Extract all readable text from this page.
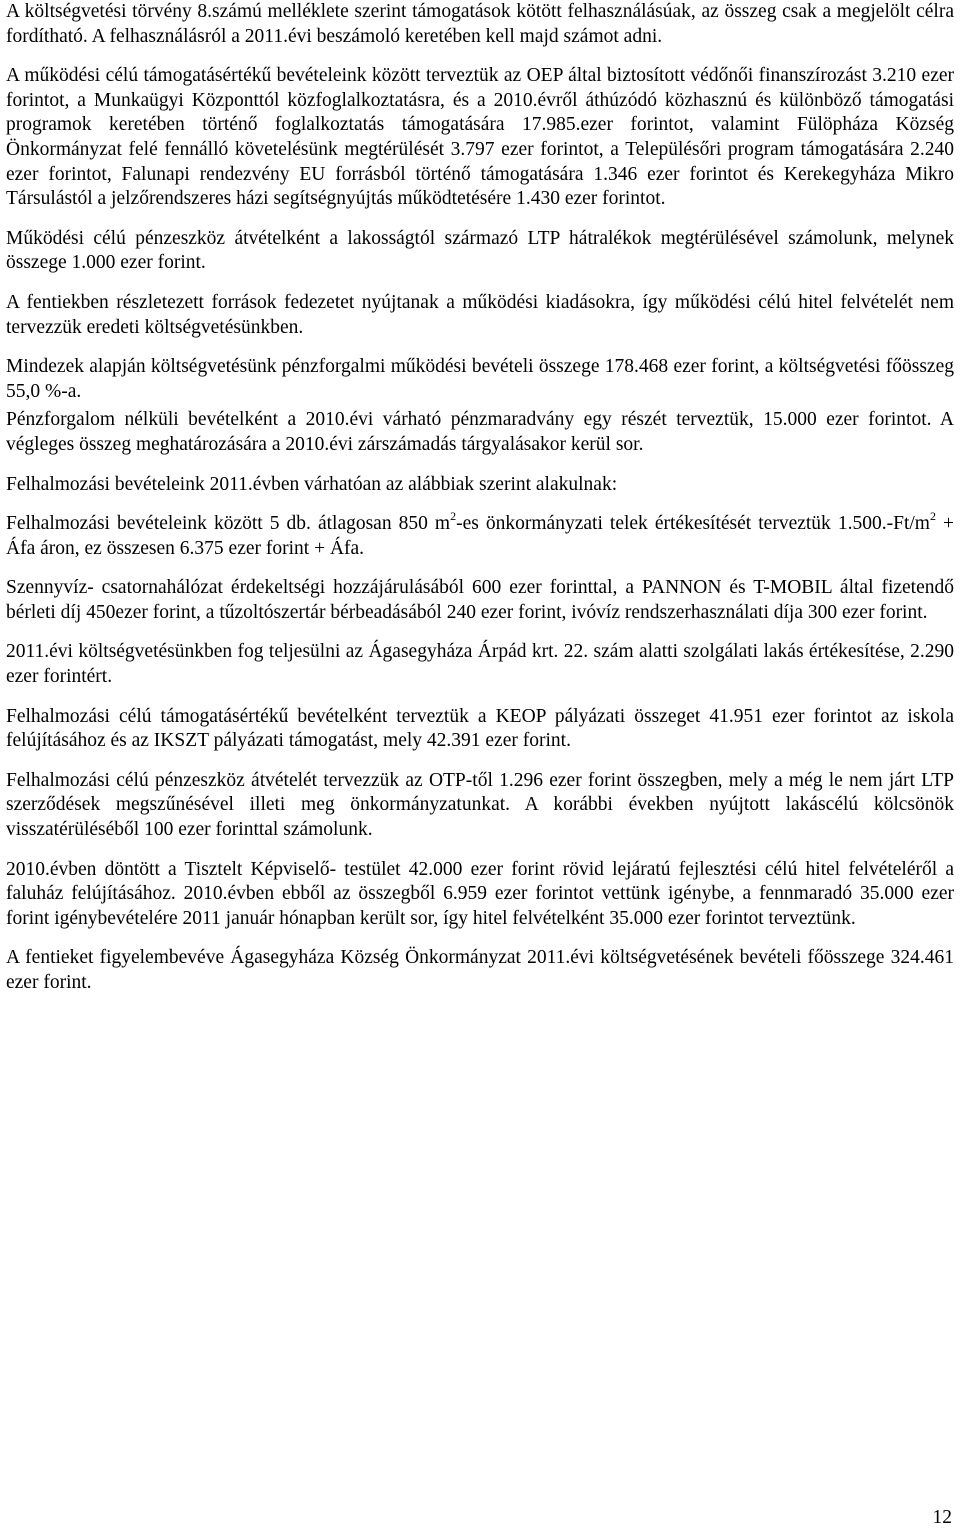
A költségvetési törvény 8.számú melléklete szerint támogatások kötött felhasználásúak, az összeg csak a megjelölt célra fordítható. A felhasználásról a 2011.évi beszámoló keretében kell majd számot adni.

A működési célú támogatásértékű bevételeink között terveztük az OEP által biztosított védőnői finanszírozást 3.210 ezer forintot, a Munkaügyi Központtól közfoglalkoztatásra, és a 2010.évről áthúzódó közhasznú és különböző támogatási programok keretében történő foglalkoztatás támogatására 17.985.ezer forintot, valamint Fülöpháza Község Önkormányzat felé fennálló követelésünk megtérülését 3.797 ezer forintot, a Településőri program támogatására 2.240 ezer forintot, Falunapi rendezvény EU forrásból történő támogatására 1.346 ezer forintot és Kerekegyháza Mikro Társulástól a jelzőrendszeres házi segítségnyújtás működtetésére 1.430 ezer forintot.

Működési célú pénzeszköz átvételként a lakosságtól származó LTP hátralékok megtérülésével számolunk, melynek összege 1.000 ezer forint.

A fentiekben részletezett források fedezetet nyújtanak a működési kiadásokra, így működési célú hitel felvételét nem tervezzük eredeti költségvetésünkben.

Mindezek alapján költségvetésünk pénzforgalmi működési bevételi összege 178.468 ezer forint, a költségvetési főösszeg 55,0 %-a.

Pénzforgalom nélküli bevételként a 2010.évi várható pénzmaradvány egy részét terveztük, 15.000 ezer forintot. A végleges összeg meghatározására a 2010.évi zárszámadás tárgyalásakor kerül sor.

Felhalmozási bevételeink 2011.évben várhatóan az alábbiak szerint alakulnak:

Felhalmozási bevételeink között 5 db. átlagosan 850 $m^2-es$ önkormányzati telek értékesítését terveztük $1.500.-Ft/m^2$ + Áfa áron, ez összesen 6.375 ezer forint + Áfa.

Szennyvíz- csatornahálózat érdekeltségi hozzájárulásából 600 ezer forinttal, a PANNON és T-MOBIL által fizetendő bérleti díj 450ezer forint, a tűzoltószertár bérbeadásából 240 ezer forint, ivóvíz rendszerhasználati díja 300 ezer forint.

2011.évi költségvetésünkben fog teljesülni az Ágasegyháza Árpád krt. 22. szám alatti szolgálati lakás értékesítése, 2.290 ezer forintért.

Felhalmozási célú támogatásértékű bevételként terveztük a KEOP pályázati összeget 41.951 ezer forintot az iskola felújításához és az IKSZT pályázati támogatást, mely 42.391 ezer forint.

Felhalmozási célú pénzeszköz átvételét tervezzük az OTP-től 1.296 ezer forint összegben, mely a még le nem járt LTP szerződések megszűnésével illeti meg önkormányzatunkat. A korábbi években nyújtott lakáscélú kölcsönök visszatérüléséből 100 ezer forinttal számolunk.

2010.évben döntött a Tisztelt Képviselő- testület 42.000 ezer forint rövid lejáratú fejlesztési célú hitel felvételéről a faluház felújításához. 2010.évben ebből az összegből 6.959 ezer forintot vettünk igénybe, a fennmaradó 35.000 ezer forint igénybevételére 2011 január hónapban került sor, így hitel felvételként 35.000 ezer forintot terveztünk.

A fentieket figyelembevéve Ágasegyháza Község Önkormányzat 2011.évi költségvetésének bevételi főösszege 324.461 ezer forint.

12
